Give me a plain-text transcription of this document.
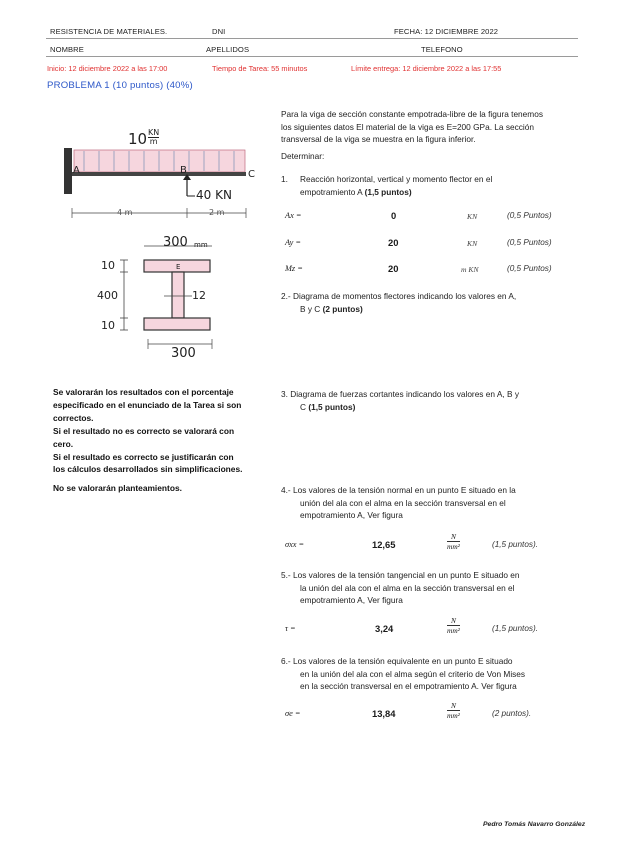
RESISTENCIA DE MATERIALES.	DNI	FECHA: 12 DICIEMBRE 2022
NOMBRE	APELLIDOS	TELEFONO
Inicio: 12 diciembre 2022 a las 17:00	Tiempo de Tarea: 55 minutos	Límite entrega: 12 diciembre 2022 a las 17:55
PROBLEMA 1 (10 puntos) (40%)
$10 \frac{KN}{m}$
A	B	C
40 KN
4 m	2 m
300 mm
E
10
400	12
10
300
Para la viga de sección constante empotrada-libre de la figura tenemos
los siguientes datos El material de la viga es E=200 GPa. La sección
transversal de la viga se muestra en la figura inferior.
Determinar:
1.	Reacción horizontal, vertical y momento flector en el
empotramiento A (1,5 puntos)
Ax =	0	KN	(0,5 Puntos)
Ay =	20	KN	(0,5 Puntos)
Mz =	20	m KN	(0,5 Puntos)
2.- Diagrama de momentos flectores indicando los valores en A,
B y C (2 puntos)
Se valorarán los resultados con el porcentaje
especificado en el enunciado de la Tarea si son
correctos.
Si el resultado no es correcto se valorará con
cero.
Si el resultado es correcto se justificarán con
los cálculos desarrollados sin simplificaciones.
No se valorarán planteamientos.
3. Diagrama de fuerzas cortantes indicando los valores en A, B y
C (1,5 puntos)
4.- Los valores de la tensión normal en un punto E situado en la
unión del ala con el alma en la sección transversal en el
empotramiento A, Ver figura
σxx =	12,65	$\frac{N}{\text{mm²}}$	(1,5 puntos).
5.- Los valores de la tensión tangencial en un punto E situado en
la unión del ala con el alma en la sección transversal en el
empotramiento A, Ver figura
τ =	3,24	$\frac{N}{\text{mm²}}$	(1,5 puntos).
6.- Los valores de la tensión equivalente en un punto E situado
en la unión del ala con el alma según el criterio de Von Mises
en la sección transversal en el empotramiento A. Ver figura
σe =	13,84	$\frac{N}{\text{mm²}}$	(2 puntos).
Pedro Tomás Navarro González
